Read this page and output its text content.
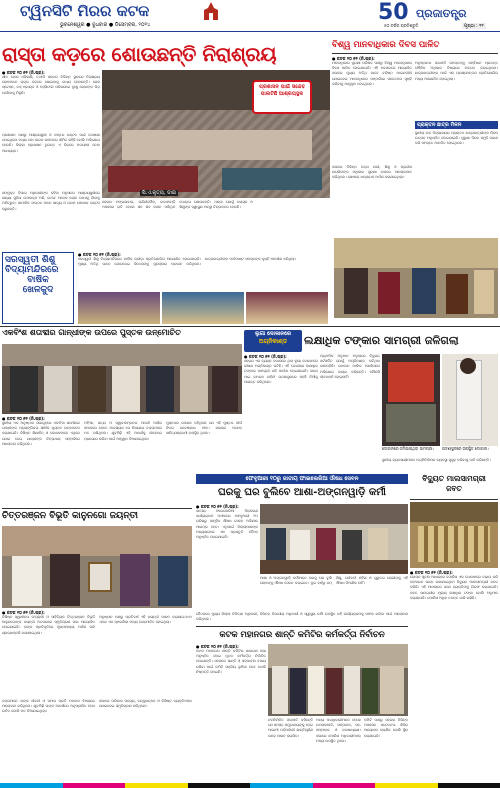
ଟ୍ୱିନସିଟି ମିରର କଟକ
ଭୁବନେଶ୍ୱର ● ବୁଧବାର ● ଡିସେମ୍ବର, ୨୦୨୪	50 ପ୍ରଜାତନ୍ତ୍ର
୫୦ ବର୍ଷର ପ୍ରତିଶ୍ରୁତି	ପୃଷ୍ଠା : ୧୧
ରାସ୍ତା କଡ଼ରେ ଶୋଉଛନ୍ତି ନିରାଶ୍ରୟ	ବିଶ୍ୱ ମାନବାଧିକାର ଦିବସ ପାଳିତ
● କଟକ ୨୦।୧୨ (ନି.ପ୍ର):
ଶୀତ ଜୋର ଧରିଲାଣି, ତଥାପି ସହରର ବିଭିନ୍ନ ସ୍ଥାନରେ ନିରାଶ୍ରୟ ଲୋକମାନେ ରାସ୍ତା କଡ଼ରେ ଶୋଇବାକୁ ବାଧ୍ୟ ହେଉଛନ୍ତି। ରେଳ ଷ୍ଟେସନ, ବସ୍ ଷ୍ଟାଣ୍ଡ ଓ ହସ୍ପିଟାଲ ପରିସରରେ ଦୁଃସ୍ଥ ଲୋକଙ୍କ ଭିଡ଼ ଦେଖିବାକୁ ମିଳୁଛି।
ପ୍ରଶାସନ ପକ୍ଷରୁ ଆଶ୍ରୟସ୍ଥଳୀ ଓ କମ୍ବଳ ବଣ୍ଟନ ପାଇଁ ଘୋଷଣା ହୋଇଥିଲେ ମଧ୍ୟ ତାହା କାଗଜ କଲମରେ ସୀମିତ ରହିଛି ବୋଲି ଅଭିଯୋଗ ହେଉଛି। ଜିଲ୍ଲା ପ୍ରଶାସନ ତୁରନ୍ତ ଏ ଦିଗରେ ପଦକ୍ଷେପ ନେବା ଆବଶ୍ୟକ।
ସମ୍ପୃକ୍ତ ବିଭାଗ ଅଧିକାରୀଙ୍କ କହିବା ଅନୁସାରେ ଆଶ୍ରୟସ୍ଥଳୀରେ ଶଯ୍ୟା ସୁବିଧା ଉପଲବ୍ଧ ଅଛି, ତେବେ ଅନେକ ଲୋକ ସେଠାକୁ ଯିବାକୁ ଅନିଚ୍ଛୁକ। ସାମାଜିକ ସଂଗଠନ ମାନେ ଖାଦ୍ୟ ଓ ଗରମ ପୋଷାକ ବଣ୍ଟନ କରୁଛନ୍ତି।
ପି.ଏ.କୃତ୍ୟ, ଡାଇ
ପ୍ରଶାସନ ପାଇଁ ସନ୍ଦେହ ପାଲଟିଛି ଆଶ୍ରୟସ୍ଥଳ
ସହରର ମଙ୍ଗଳାବାଗ, ଚାନ୍ଦିନୀଚୌକ, ବାଦାମବାଡ଼ି ଅଞ୍ଚଳରେ ରାତି ହେଲେ ଶହ ଶହ ଲୋକ ପଲିଥିନ ଘୋଡ଼ାଇ ଶୋଉଛନ୍ତି। ଥଣ୍ଡା ଯୋଗୁଁ ବୟସ୍କ ଓ ଶିଶୁଙ୍କ ସ୍ୱାସ୍ଥ୍ୟ ଅବସ୍ଥା ଚିନ୍ତାଜନକ ହେଉଛି।
● କଟକ ୨୦।୧୨ (ନି.ପ୍ର):
ମାନବାଧିକାର ସୁରକ୍ଷା ପରିଷଦ ପକ୍ଷରୁ ବିଶ୍ୱ ମାନବାଧିକାର ଦିବସ ପାଳିତ ହୋଇଯାଇଛି। ଏହି ଅବସରରେ ଆୟୋଜିତ ସଭାରେ ମୁଖ୍ୟ ଅତିଥି ଭାବେ ବରିଷ୍ଠ ଆଇନଜୀବୀ ଯୋଗଦେଇ ମାନବାଧିକାର ସମ୍ପର୍କରେ ସଚେତନତା ସୃଷ୍ଟି କରିବାକୁ ଆହ୍ୱାନ ଦେଇଥିଲେ।
ସଭାରେ ବିଭିନ୍ନ ବକ୍ତା ନାରୀ, ଶିଶୁ ଓ ପ୍ରବୀଣ ନାଗରିକଙ୍କ ଅଧିକାର ସୁରକ୍ଷା ଉପରେ ଆଲୋକପାତ କରିଥିଲେ। ଶେଷରେ ଧନ୍ୟବାଦ ଅର୍ପଣ କରାଯାଇଥିଲା।
ଅନୁଷ୍ଠାନର ସଭାପତି ସମସ୍ତଙ୍କୁ ସମ୍ବିଧାନ ପ୍ରଦତ୍ତ ମୌଳିକ ଅଧିକାର ବିଷୟରେ ଅବଗତ କରାଇଥିଲେ। ଛାତ୍ରଛାତ୍ରୀଙ୍କ ପାଇଁ ଏକ ପ୍ରଶ୍ନୋତ୍ତର ପ୍ରତିଯୋଗିତା ମଧ୍ୟ ଆୟୋଜିତ ହୋଇଥିଲା।
ପ୍ରାକ୍ତନ ଛାତ୍ର ମିଳନ
ସ୍ଥାନୀୟ ଉଚ୍ଚ ବିଦ୍ୟାଳୟର ପ୍ରାକ୍ତନ ଛାତ୍ରଛାତ୍ରୀଙ୍କ ମିଳନ ଉତ୍ସବ ଅନୁଷ୍ଠିତ ହୋଇଯାଇଛି। ପୁରୁଣା ଦିନର ସ୍ମୃତି ଚାରଣ କରି ସମସ୍ତେ ଆନନ୍ଦିତ ହୋଇଥିଲେ।
ସରସ୍ୱତୀ ଶିଶୁ
ବିଦ୍ୟାମନ୍ଦିରରେ
ବାର୍ଷିକ
ଖେଳକୁଦ
● କଟକ ୨୦।୧୨ (ନି.ପ୍ର):
ସରସ୍ୱତୀ ଶିଶୁ ବିଦ୍ୟାମନ୍ଦିରରେ ବାର୍ଷିକ କ୍ରୀଡ଼ା ପ୍ରତିଯୋଗିତା ଆୟୋଜିତ ହୋଇଯାଇଛି। ମୁଖ୍ୟ ଅତିଥି ଭାବେ ଯୋଗଦେଇ ବିଜେତାଙ୍କୁ ପୁରସ୍କାର ପ୍ରଦାନ କରିଥିଲେ। ଛାତ୍ରଛାତ୍ରୀଙ୍କ ମାର୍ଚ୍ଚପାଷ୍ଟ ସମସ୍ତଙ୍କ ଦୃଷ୍ଟି ଆକର୍ଷଣ କରିଥିଲା।
ଏକବିଂଶ ଶତାବ୍ଦୀର ଗାନ୍ଧୀଙ୍କ ଉପରେ ପୁସ୍ତକ ଉନ୍ମୋଚିତ
● କଟକ ୨୦।୧୨ (ନି.ପ୍ର):
ସ୍ଥାନୀୟ ଏକ ଅନୁଷ୍ଠାନ ସଭାଗୃହରେ ଏକବିଂଶ ଶତାବ୍ଦୀରେ ଗାନ୍ଧୀଙ୍କ ପ୍ରାସଙ୍ଗିକତା ଶୀର୍ଷକ ପୁସ୍ତକ ଉନ୍ମୋଚନ କରାଯାଇଛି। ବିଶିଷ୍ଟ ଶିକ୍ଷାବିତ୍ ଓ ଲେଖକମାନେ ଏଥିରେ ଯୋଗ ଦେଇ ଗାନ୍ଧୀଙ୍କ ଚିନ୍ତାଧାରା ସମ୍ପର୍କରେ ଆଲୋଚନା କରିଥିଲେ।
ଅହିଂସା, ସତ୍ୟ ଓ ସ୍ୱାବଲମ୍ବନର ଆଦର୍ଶ ଆଜିର ସମାଜରେ କେତେ ଆବଶ୍ୟକ ସେ ବିଷୟରେ ବକ୍ତାମାନେ ମତ ରଖିଥିଲେ। ଯୁବପିଢ଼ି ଏହି ଆଦର୍ଶକୁ ଜୀବନରେ ପ୍ରୟୋଗ କରିବା ପାଇଁ ଆହ୍ୱାନ ଦିଆଯାଇଥିଲା।
ପୁସ୍ତକର ଲେଖକ କହିଥିଲେ ଯେ ଏହି ପୁସ୍ତକ ଦୀର୍ଘ ଦିନର ଗବେଷଣାର ଫଳ। ସଭାରେ ଅନେକ ସାହିତ୍ୟପ୍ରେମୀ ଉପସ୍ଥିତ ଥିଲେ।
ଲୁଗା ଦୋକାନରେ
ଅଗ୍ନିକାଣ୍ଡ	ଲକ୍ଷାଧିକ ଟଙ୍କାର ସାମଗ୍ରୀ ଜଳିଗଲା
● କଟକ ୨୦।୧୨ (ନି.ପ୍ର):
ସହରର ଏକ ବ୍ୟସ୍ତ ବଜାରରେ ଥିବା ଲୁଗା ଦୋକାନରେ ଭୀଷଣ ଅଗ୍ନିକାଣ୍ଡ ଘଟିଛି। ଏହି ଘଟଣାରେ ଲକ୍ଷାଧିକ ଟଙ୍କାର ସାମଗ୍ରୀ ଜଳି ପାଉଁଶ ହୋଇଯାଇଛି। ଖବର ପାଇ ଦମକଳ ବାହିନୀ ଘଟଣାସ୍ଥଳରେ ପହଞ୍ଚି ନିଆଁକୁ ଆୟତ୍ତ କରିଥିଲେ।
ପ୍ରାଥମିକ ଅନୁମାନ ଅନୁସାରେ ବିଦ୍ୟୁତ୍ ସର୍ଟସର୍କିଟ ଯୋଗୁଁ ଅଗ୍ନିକାଣ୍ଡ ଘଟିଥିବା ଜଣାପଡ଼ିଛି। ଦୋକାନ ମାଲିକ ପୋଲିସରେ ଅଭିଯୋଗ ଦାୟର କରିଛନ୍ତି। କୌଣସି ଜୀବନହାନି ହୋଇନାହିଁ।
ଦୋକାନରେ ଜଳିଯାଇଥିବା ସାମଗ୍ରୀ।	ଘଟଣାସ୍ଥଳରେ ଉପସ୍ଥିତ ଦୋକାନୀ।
ସ୍ଥାନୀୟ ବ୍ୟବସାୟୀମାନେ ଅଗ୍ନିନିର୍ବାପକ ବ୍ୟବସ୍ଥା ସୁଦୃଢ଼ କରିବାକୁ ଦାବି କରିଛନ୍ତି।
ବିଦ୍ୟୁତ ମାଲସାମଗ୍ରୀ
ଜବତ
● କଟକ ୨୦।୧୨ (ନି.ପ୍ର):
ଗୋପନ ସୂଚନା ଆଧାରରେ ପୋଲିସ ଏକ ଗୋଦାମରେ ଚଢ଼ାଉ କରି ବେଆଇନ ଭାବେ ରଖାଯାଇଥିବା ବିଦ୍ୟୁତ ମାଲସାମଗ୍ରୀ ଜବତ କରିଛି। ଏହି ମାମଲାରେ ଜଣେ ବ୍ୟକ୍ତିଙ୍କୁ ଗିରଫ କରାଯାଇଛି। ଜବତ ସାମଗ୍ରୀର ମୂଲ୍ୟ ଲକ୍ଷାଧିକ ଟଙ୍କା ବୋଲି ଅନୁମାନ କରାଯାଉଛି। ପୋଲିସ ଅଧିକ ତଦନ୍ତ ଜାରି ରଖିଛି।
ଫେବୃଆରୀ ୧୦ରୁ ଜାତୀୟ ଫାଇଲେରିଆ ଔଷଧ ସେବନ
ଘରକୁ ଘର ବୁଲିବେ ଆଶା-ଅଙ୍ଗନୱାଡ଼ି କର୍ମୀ
● କଟକ ୨୦।୧୨ (ନି.ପ୍ର):
ଜାତୀୟ ଫାଇଲେରିଆ ନିରାକରଣ କାର୍ଯ୍ୟକ୍ରମ ଅଧୀନରେ ଫେବୃଆରୀ ୧୦ ତାରିଖରୁ ସାମୂହିକ ଔଷଧ ସେବନ ଅଭିଯାନ ଆରମ୍ଭ ହେବ। ଏଥିପାଇଁ ଜିଲ୍ଲାପାଳଙ୍କ ଅଧ୍ୟକ୍ଷତାରେ ଏକ ପ୍ରସ୍ତୁତି ବୈଠକ ଅନୁଷ୍ଠିତ ହୋଇଯାଇଛି।
ଆଶା ଓ ଅଙ୍ଗନୱାଡ଼ି କର୍ମୀମାନେ ଘରକୁ ଘର ବୁଲି ଲୋକଙ୍କୁ ଔଷଧ ସେବନ କରାଇବେ। ଦୁଇ ବର୍ଷରୁ କମ୍ ଶିଶୁ, ଗର୍ଭବତୀ ମହିଳା ଓ ଗୁରୁତର ରୋଗୀଙ୍କୁ ଏହି ଔଷଧ ଦିଆଯିବ ନାହିଁ।
ବୈଠକରେ ମୁଖ୍ୟ ଜିଲ୍ଲା ଚିକିତ୍ସା ଅଧିକାରୀ, ବିଭିନ୍ନ ବିଭାଗୀୟ ଅଧିକାରୀ ଓ ସ୍ୱାସ୍ଥ୍ୟ କର୍ମୀ ଉପସ୍ଥିତ ରହି କାର୍ଯ୍ୟକ୍ରମକୁ ସଫଳ କରିବା ପାଇଁ ଆଲୋଚନା କରିଥିଲେ।
ଚିତ୍ତରଞ୍ଜନ ବିଭୂତି କାନୁନଗୋ ଜୟନ୍ତୀ
● କଟକ ୨୦।୧୨ (ନି.ପ୍ର):
ବିଶିଷ୍ଟ ସ୍ୱାଧୀନତା ସଂଗ୍ରାମୀ ଓ ସାହିତ୍ୟିକ ଚିତ୍ତରଞ୍ଜନ ବିଭୂତି କାନୁନଗୋଙ୍କ ଜୟନ୍ତୀ ଅବସରରେ ସ୍ମୃତିଚାରଣ ସଭା ଆୟୋଜିତ ହୋଇଯାଇଛି। ତାଙ୍କ ପ୍ରତିକୃତିରେ ପୁଷ୍ପମାଲ୍ୟ ଅର୍ପଣ କରି ଶ୍ରଦ୍ଧାଞ୍ଜଳି ଜଣାଯାଇଥିଲା।
ବକ୍ତାମାନେ ତାଙ୍କ ଜୀବନୀ ଓ ସମାଜ ପ୍ରତି ଅବଦାନ ବିଷୟରେ ଆଲୋଚନା କରିଥିଲେ। ଯୁବପିଢ଼ି ତାଙ୍କ ଆଦର୍ଶରେ ଅନୁପ୍ରାଣିତ ହେବା ଉଚିତ ବୋଲି ମତ ଦିଆଯାଇଥିଲା।
ଅନୁଷ୍ଠାନ ପକ୍ଷରୁ ପ୍ରତିବର୍ଷ ଏହି ଜୟନ୍ତୀ ପାଳନ କରାଯାଇଥାଏ। ଏଥର ଏକ ସ୍ମରଣିକା ମଧ୍ୟ ଉନ୍ମୋଚିତ ହୋଇଥିଲା।
ସଭାରେ ପରିବାର ସଦସ୍ୟ, ବନ୍ଧୁବାନ୍ଧବ ଓ ବିଶିଷ୍ଟ ବ୍ୟକ୍ତିମାନେ ଯୋଗଦେଇ ସ୍ମୃତିଚାରଣ କରିଥିଲେ।
କଟକ ମହାନଗର ଶାନ୍ତି କମିଟିର କର୍ମକର୍ତ୍ତା ନିର୍ବାଚନ
● କଟକ ୨୦।୧୨ (ନି.ପ୍ର):
କଟକ ମହାନଗର ଶାନ୍ତି କମିଟିର ସାଧାରଣ ସଭା ଅନୁଷ୍ଠିତ ହୋଇ ନୂତନ କର୍ମକର୍ତ୍ତା ନିର୍ବାଚିତ ହୋଇଛନ୍ତି। ସହରରେ ଶାନ୍ତି ଓ ସଦ୍ଭାବନା ବଜାୟ ରଖିବା ପାଇଁ କମିଟି ସକ୍ରିୟ ଭୂମିକା ନେବ ବୋଲି ନିଷ୍ପତ୍ତି ହୋଇଛି।
ନବନିର୍ବାଚିତ ସଭାପତି କହିଛନ୍ତି ଯେ ସମସ୍ତ ସମ୍ପ୍ରଦାୟଙ୍କୁ ନେଇ ଆଗାମୀ ପର୍ବପର୍ବାଣୀ ଶାନ୍ତିପୂର୍ଣ୍ଣ ଭାବେ ପାଳନ କରାଯିବ।
ଅନ୍ୟ ପଦାଧିକାରୀମାନେ ହେଲେ ଉପସଭାପତି, ସମ୍ପାଦକ, ସହ-ସମ୍ପାଦକ ଓ କୋଷାଧ୍ୟକ୍ଷ। ସଭାରେ ପୋଲିସ ଅଧିକାରୀମାନେ ମଧ୍ୟ ଉପସ୍ଥିତ ଥିଲେ।
କମିଟି ପକ୍ଷରୁ ସହରର ବିଭିନ୍ନ ଅଞ୍ଚଳରେ ସଚେତନତା ଶିବିର ଆୟୋଜନ କରାଯିବ ବୋଲି ସ୍ଥିର କରାଯାଇଛି।
